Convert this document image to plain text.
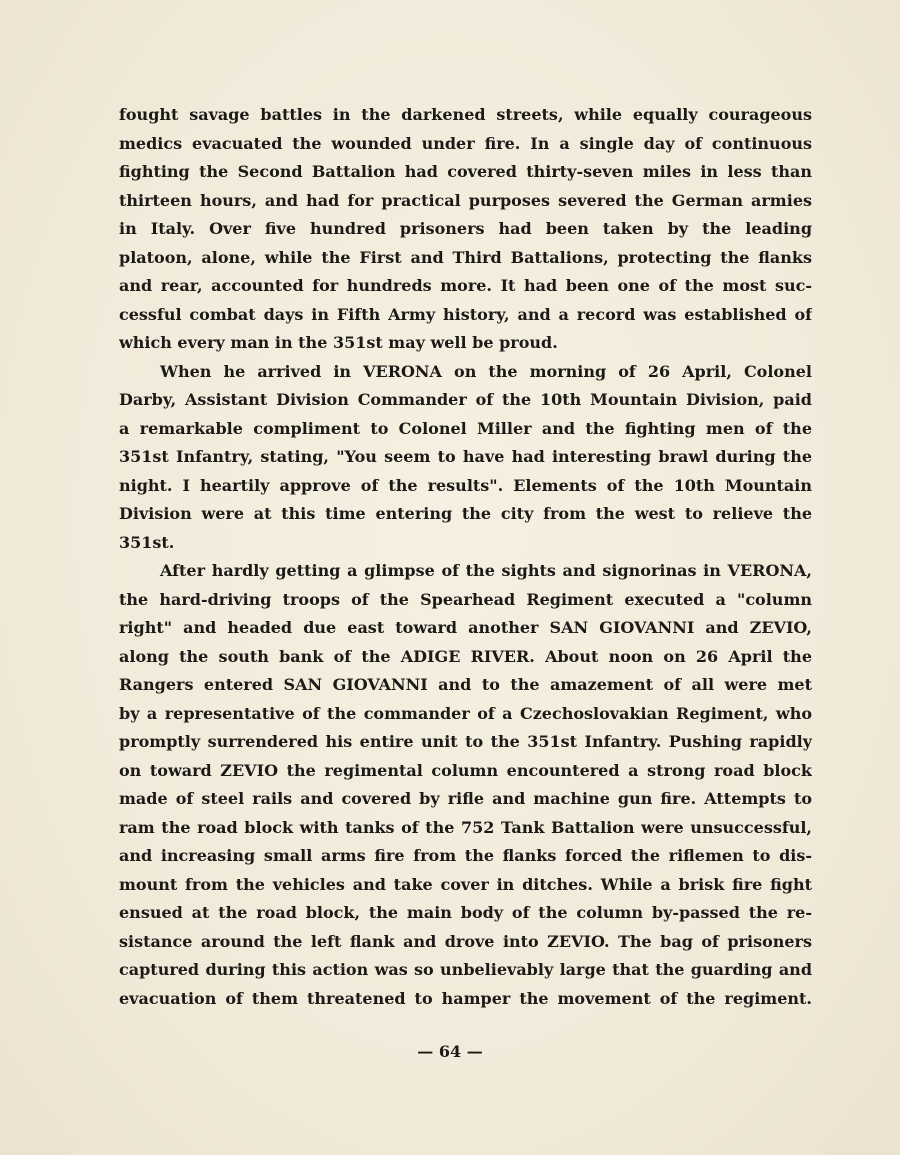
fought savage battles in the darkened streets, while equally courageous
medics evacuated the wounded under fire. In a single day of continuous
fighting the Second Battalion had covered thirty-seven miles in less than
thirteen hours, and had for practical purposes severed the German armies
in Italy. Over five hundred prisoners had been taken by the leading
platoon, alone, while the First and Third Battalions, protecting the flanks
and rear, accounted for hundreds more. It had been one of the most suc-
cessful combat days in Fifth Army history, and a record was established of
which every man in the 351st may well be proud.
When he arrived in VERONA on the morning of 26 April, Colonel
Darby, Assistant Division Commander of the 10th Mountain Division, paid
a remarkable compliment to Colonel Miller and the fighting men of the
351st Infantry, stating, "You seem to have had interesting brawl during the
night. I heartily approve of the results". Elements of the 10th Mountain
Division were at this time entering the city from the west to relieve the
351st.
After hardly getting a glimpse of the sights and signorinas in VERONA,
the hard-driving troops of the Spearhead Regiment executed a "column
right" and headed due east toward another SAN GIOVANNI and ZEVIO,
along the south bank of the ADIGE RIVER. About noon on 26 April the
Rangers entered SAN GIOVANNI and to the amazement of all were met
by a representative of the commander of a Czechoslovakian Regiment, who
promptly surrendered his entire unit to the 351st Infantry. Pushing rapidly
on toward ZEVIO the regimental column encountered a strong road block
made of steel rails and covered by rifle and machine gun fire. Attempts to
ram the road block with tanks of the 752 Tank Battalion were unsuccessful,
and increasing small arms fire from the flanks forced the riflemen to dis-
mount from the vehicles and take cover in ditches. While a brisk fire fight
ensued at the road block, the main body of the column by-passed the re-
sistance around the left flank and drove into ZEVIO. The bag of prisoners
captured during this action was so unbelievably large that the guarding and
evacuation of them threatened to hamper the movement of the regiment.
— 64 —
